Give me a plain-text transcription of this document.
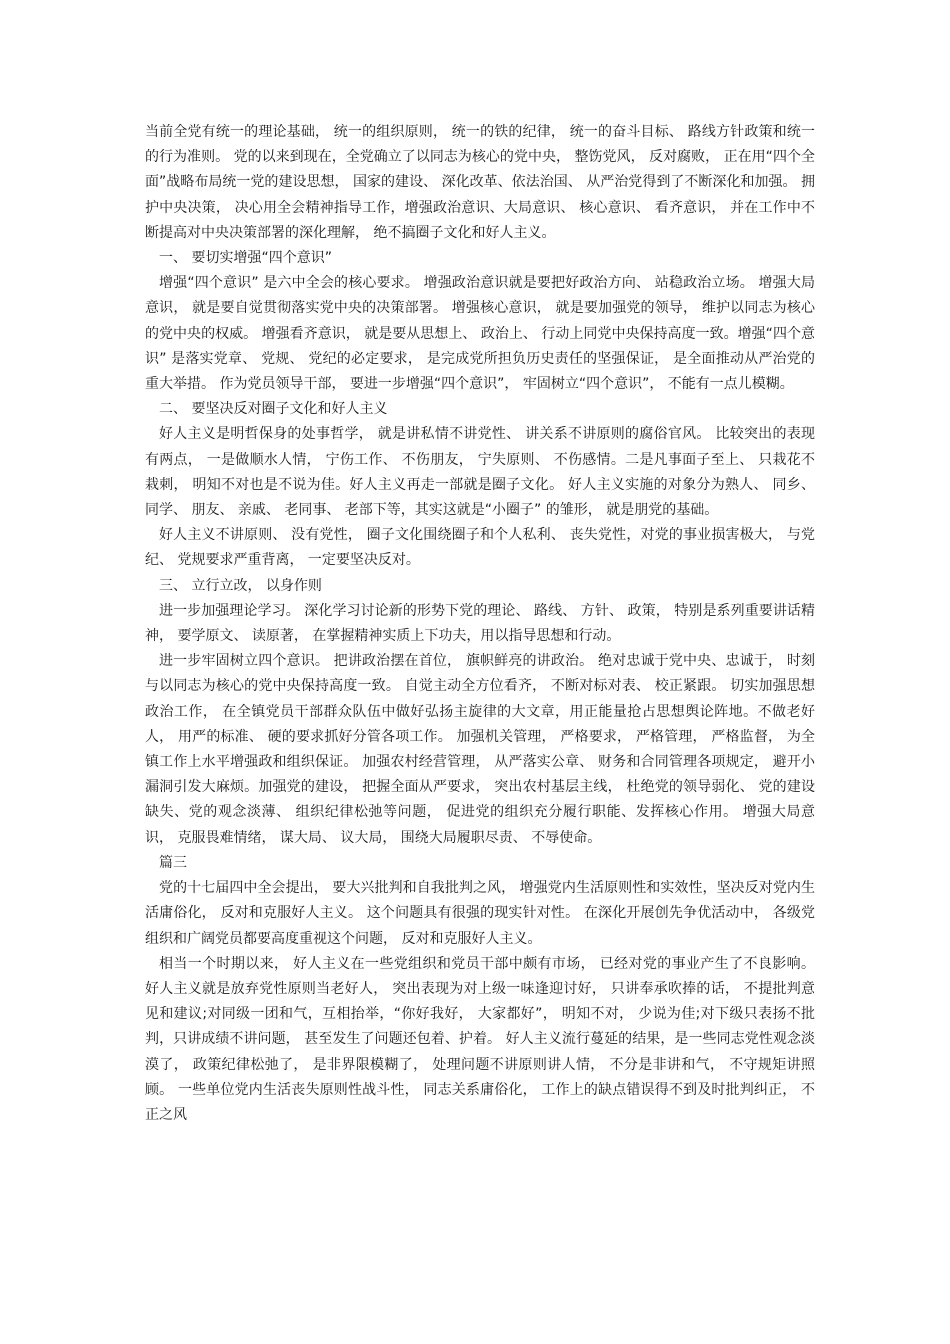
当前全党有统一的理论基础， 统一的组织原则， 统一的铁的纪律， 统一的奋斗目标、 路线方针政策和统一的行为准则。 党的以来到现在，全党确立了以同志为核心的党中央， 整饬党风， 反对腐败， 正在用“四个全面”战略布局统一党的建设思想， 国家的建设、 深化改革、依法治国、 从严治党得到了不断深化和加强。 拥护中央决策， 决心用全会精神指导工作，增强政治意识、大局意识、 核心意识、 看齐意识， 并在工作中不断提高对中央决策部署的深化理解， 绝不搞圈子文化和好人主义。

一、 要切实增强“四个意识”

增强“四个意识” 是六中全会的核心要求。 增强政治意识就是要把好政治方向、 站稳政治立场。 增强大局意识， 就是要自觉贯彻落实党中央的决策部署。 增强核心意识， 就是要加强党的领导， 维护以同志为核心的党中央的权威。 增强看齐意识， 就是要从思想上、 政治上、 行动上同党中央保持高度一致。增强“四个意识” 是落实党章、 党规、 党纪的必定要求， 是完成党所担负历史责任的坚强保证， 是全面推动从严治党的重大举措。 作为党员领导干部， 要进一步增强“四个意识”， 牢固树立“四个意识”， 不能有一点儿模糊。

二、 要坚决反对圈子文化和好人主义

好人主义是明哲保身的处事哲学， 就是讲私情不讲党性、 讲关系不讲原则的腐俗官风。 比较突出的表现有两点， 一是做顺水人情， 宁伤工作、 不伤朋友， 宁失原则、 不伤感情。二是凡事面子至上、 只栽花不栽刺， 明知不对也是不说为佳。好人主义再走一部就是圈子文化。 好人主义实施的对象分为熟人、 同乡、 同学、 朋友、 亲戚、 老同事、 老部下等，其实这就是“小圈子” 的雏形， 就是朋党的基础。

好人主义不讲原则、 没有党性， 圈子文化围绕圈子和个人私利、 丧失党性，对党的事业损害极大， 与党纪、 党规要求严重背离， 一定要坚决反对。

三、 立行立改， 以身作则

进一步加强理论学习。 深化学习讨论新的形势下党的理论、 路线、 方针、 政策， 特别是系列重要讲话精神， 要学原文、 读原著， 在掌握精神实质上下功夫，用以指导思想和行动。

进一步牢固树立四个意识。 把讲政治摆在首位， 旗帜鲜亮的讲政治。 绝对忠诚于党中央、忠诚于， 时刻与以同志为核心的党中央保持高度一致。 自觉主动全方位看齐， 不断对标对表、 校正紧跟。 切实加强思想政治工作， 在全镇党员干部群众队伍中做好弘扬主旋律的大文章，用正能量抢占思想舆论阵地。不做老好人， 用严的标准、 硬的要求抓好分管各项工作。 加强机关管理， 严格要求， 严格管理， 严格监督， 为全镇工作上水平增强政和组织保证。 加强农村经营管理， 从严落实公章、 财务和合同管理各项规定， 避开小漏洞引发大麻烦。加强党的建设， 把握全面从严要求， 突出农村基层主线， 杜绝党的领导弱化、 党的建设缺失、党的观念淡薄、 组织纪律松弛等问题， 促进党的组织充分履行职能、发挥核心作用。 增强大局意识， 克服畏难情绪， 谋大局、 议大局， 围绕大局履职尽责、 不辱使命。

篇三

党的十七届四中全会提出， 要大兴批判和自我批判之风， 增强党内生活原则性和实效性，坚决反对党内生活庸俗化， 反对和克服好人主义。 这个问题具有很强的现实针对性。 在深化开展创先争优活动中， 各级党组织和广阔党员都要高度重视这个问题， 反对和克服好人主义。

相当一个时期以来， 好人主义在一些党组织和党员干部中颇有市场， 已经对党的事业产生了不良影响。 好人主义就是放弃党性原则当老好人， 突出表现为对上级一味逢迎讨好， 只讲奉承吹捧的话， 不提批判意见和建议;对同级一团和气，互相抬举，“你好我好， 大家都好”， 明知不对， 少说为佳;对下级只表扬不批判，只讲成绩不讲问题， 甚至发生了问题还包着、护着。 好人主义流行蔓延的结果，是一些同志党性观念淡漠了， 政策纪律松弛了， 是非界限模糊了， 处理问题不讲原则讲人情， 不分是非讲和气， 不守规矩讲照顾。 一些单位党内生活丧失原则性战斗性， 同志关系庸俗化， 工作上的缺点错误得不到及时批判纠正， 不正之风
